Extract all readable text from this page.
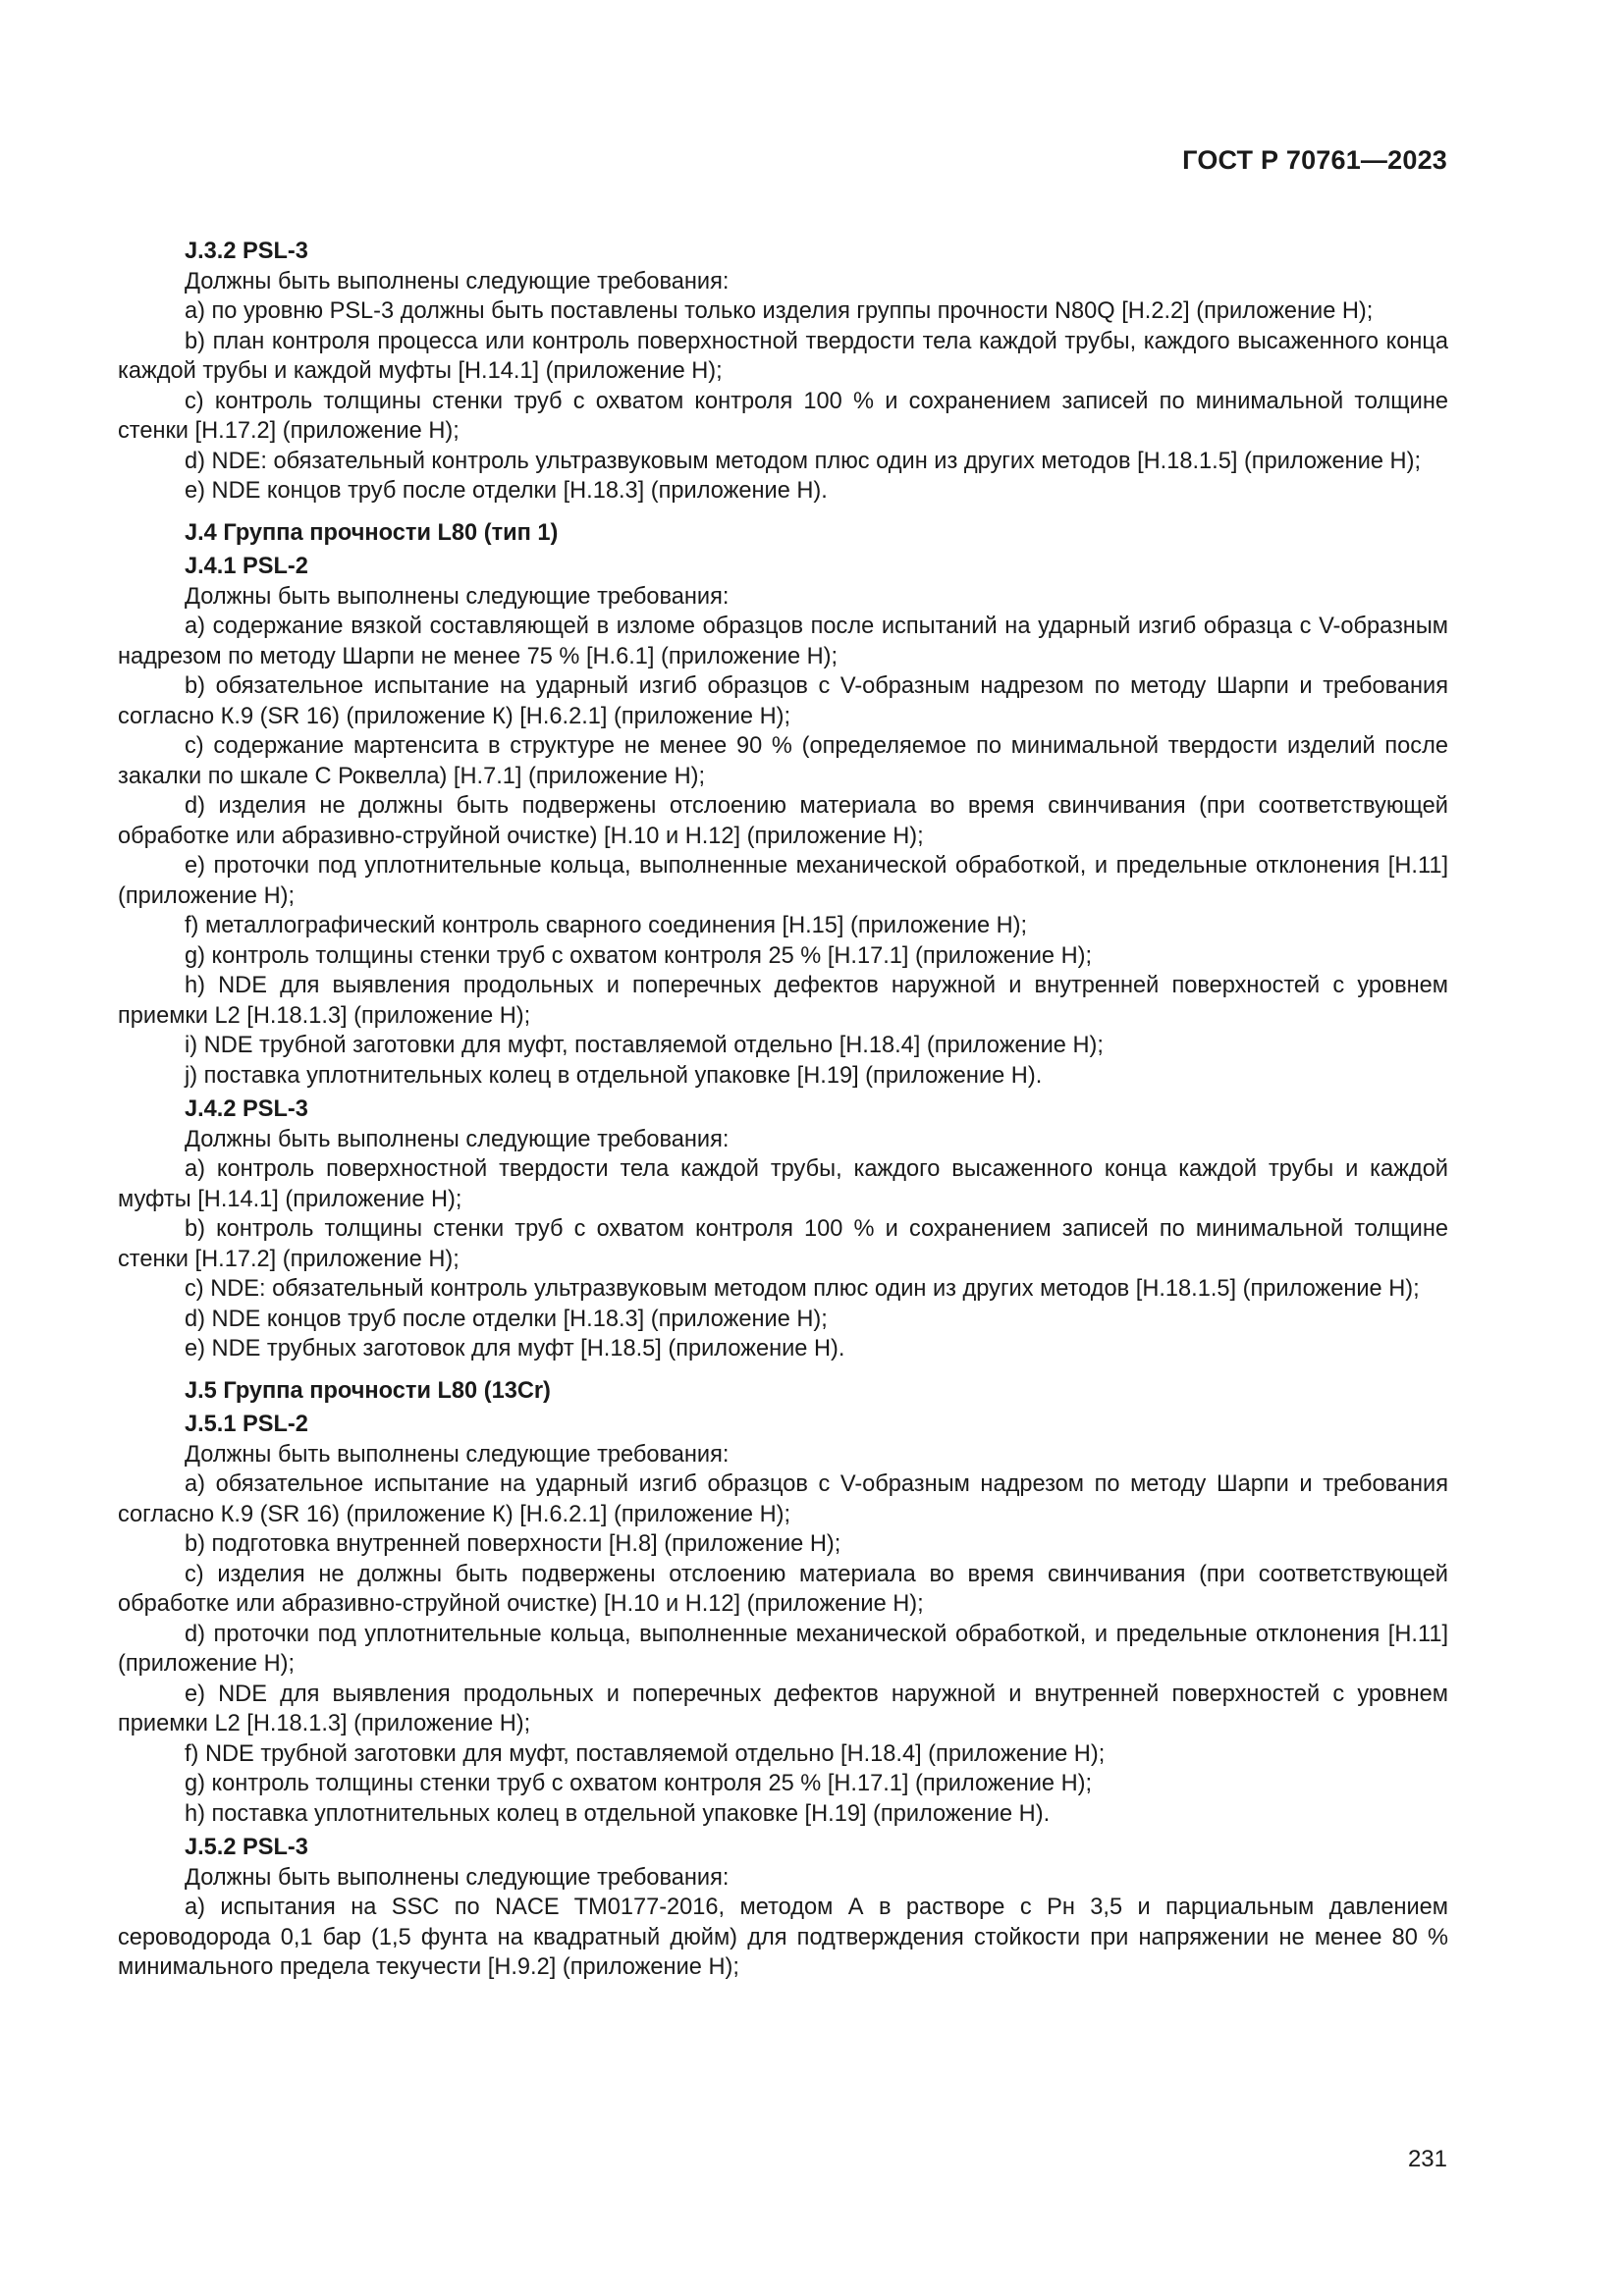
ГОСТ Р 70761—2023
J.3.2 PSL-3

Должны быть выполнены следующие требования:

а) по уровню PSL-3 должны быть поставлены только изделия группы прочности N80Q [Н.2.2] (приложение Н);

b) план контроля процесса или контроль поверхностной твердости тела каждой трубы, каждого высаженного конца каждой трубы и каждой муфты [Н.14.1] (приложение Н);

с) контроль толщины стенки труб с охватом контроля 100 % и сохранением записей по минимальной толщине стенки [Н.17.2] (приложение Н);

d) NDE: обязательный контроль ультразвуковым методом плюс один из других методов [Н.18.1.5] (приложение Н);

е) NDE концов труб после отделки [Н.18.3] (приложение Н).

J.4 Группа прочности L80 (тип 1)
J.4.1 PSL-2

Должны быть выполнены следующие требования:

а) содержание вязкой составляющей в изломе образцов после испытаний на ударный изгиб образца с V-образным надрезом по методу Шарпи не менее 75 % [Н.6.1] (приложение Н);

b) обязательное испытание на ударный изгиб образцов с V-образным надрезом по методу Шарпи и требования согласно К.9 (SR 16) (приложение К) [Н.6.2.1] (приложение Н);

с) содержание мартенсита в структуре не менее 90 % (определяемое по минимальной твердости изделий после закалки по шкале С Роквелла) [Н.7.1] (приложение Н);

d) изделия не должны быть подвержены отслоению материала во время свинчивания (при соответствующей обработке или абразивно-струйной очистке) [Н.10 и Н.12] (приложение Н);

е) проточки под уплотнительные кольца, выполненные механической обработкой, и предельные отклонения [Н.11] (приложение Н);

f) металлографический контроль сварного соединения [Н.15] (приложение Н);

g) контроль толщины стенки труб с охватом контроля 25 % [Н.17.1] (приложение Н);

h) NDE для выявления продольных и поперечных дефектов наружной и внутренней поверхностей с уровнем приемки L2 [Н.18.1.3] (приложение Н);

i) NDE трубной заготовки для муфт, поставляемой отдельно [Н.18.4] (приложение Н);

j) поставка уплотнительных колец в отдельной упаковке [Н.19] (приложение Н).

J.4.2 PSL-3

Должны быть выполнены следующие требования:

а) контроль поверхностной твердости тела каждой трубы, каждого высаженного конца каждой трубы и каждой муфты [Н.14.1] (приложение Н);

b) контроль толщины стенки труб с охватом контроля 100 % и сохранением записей по минимальной толщине стенки [Н.17.2] (приложение Н);

с) NDE: обязательный контроль ультразвуковым методом плюс один из других методов [Н.18.1.5] (приложение Н);

d) NDE концов труб после отделки [Н.18.3] (приложение Н);

е) NDE трубных заготовок для муфт [Н.18.5] (приложение Н).

J.5 Группа прочности L80 (13Cr)
J.5.1 PSL-2

Должны быть выполнены следующие требования:

а) обязательное испытание на ударный изгиб образцов с V-образным надрезом по методу Шарпи и требования согласно К.9 (SR 16) (приложение К) [Н.6.2.1] (приложение Н);

b) подготовка внутренней поверхности [Н.8] (приложение Н);

с) изделия не должны быть подвержены отслоению материала во время свинчивания (при соответствующей обработке или абразивно-струйной очистке) [Н.10 и Н.12] (приложение Н);

d) проточки под уплотнительные кольца, выполненные механической обработкой, и предельные отклонения [Н.11] (приложение Н);

е) NDE для выявления продольных и поперечных дефектов наружной и внутренней поверхностей с уровнем приемки L2 [Н.18.1.3] (приложение Н);

f) NDE трубной заготовки для муфт, поставляемой отдельно [Н.18.4] (приложение Н);

g) контроль толщины стенки труб с охватом контроля 25 % [Н.17.1] (приложение Н);

h) поставка уплотнительных колец в отдельной упаковке [Н.19] (приложение Н).

J.5.2 PSL-3

Должны быть выполнены следующие требования:

а) испытания на SSC по NACE TM0177-2016, методом А в растворе с Рн 3,5 и парциальным давлением сероводорода 0,1 бар (1,5 фунта на квадратный дюйм) для подтверждения стойкости при напряжении не менее 80 % минимального предела текучести [Н.9.2] (приложение Н);

231
